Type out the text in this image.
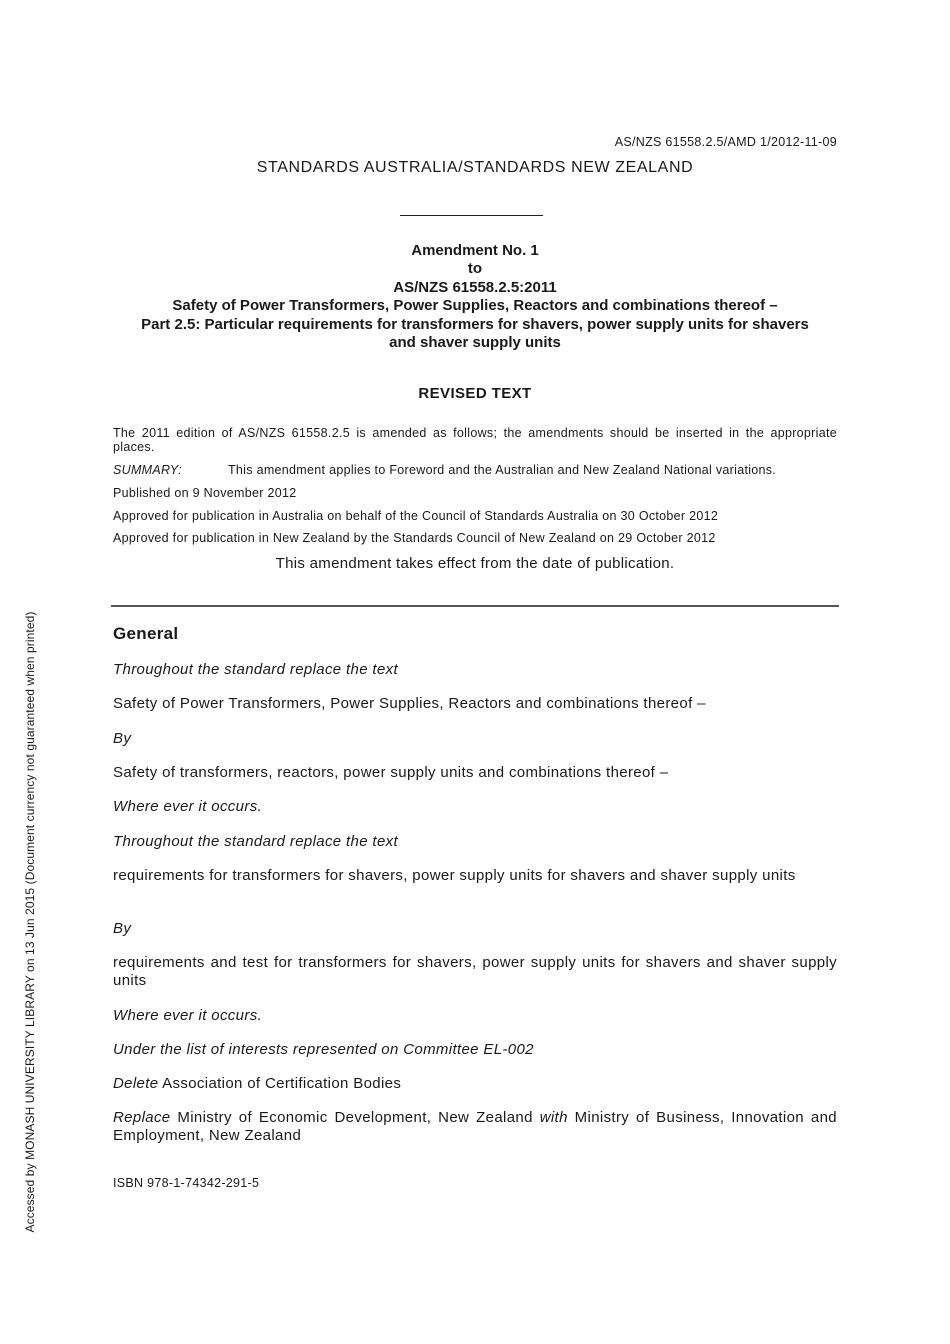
AS/NZS 61558.2.5/AMD 1/2012-11-09
STANDARDS AUSTRALIA/STANDARDS NEW ZEALAND
Amendment No. 1
to
AS/NZS 61558.2.5:2011
Safety of Power Transformers, Power Supplies, Reactors and combinations thereof –
Part 2.5: Particular requirements for transformers for shavers, power supply units for shavers
and shaver supply units
REVISED TEXT
The 2011 edition of AS/NZS 61558.2.5 is amended as follows; the amendments should be inserted in the appropriate places.
SUMMARY:	This amendment applies to Foreword and the Australian and New Zealand National variations.
Published on 9 November 2012
Approved for publication in Australia on behalf of the Council of Standards Australia on 30 October 2012
Approved for publication in New Zealand by the Standards Council of New Zealand on 29 October 2012
This amendment takes effect from the date of publication.
General
Throughout the standard replace the text
Safety of Power Transformers, Power Supplies, Reactors and combinations thereof –
By
Safety of transformers, reactors, power supply units and combinations thereof –
Where ever it occurs.
Throughout the standard replace the text
requirements for transformers for shavers, power supply units for shavers and shaver supply units
By
requirements and test for transformers for shavers, power supply units for shavers and shaver supply units
Where ever it occurs.
Under the list of interests represented on Committee EL-002
Delete Association of Certification Bodies
Replace Ministry of Economic Development, New Zealand with Ministry of Business, Innovation and Employment, New Zealand
ISBN 978-1-74342-291-5
Accessed by MONASH UNIVERSITY LIBRARY on 13 Jun 2015 (Document currency not guaranteed when printed)
